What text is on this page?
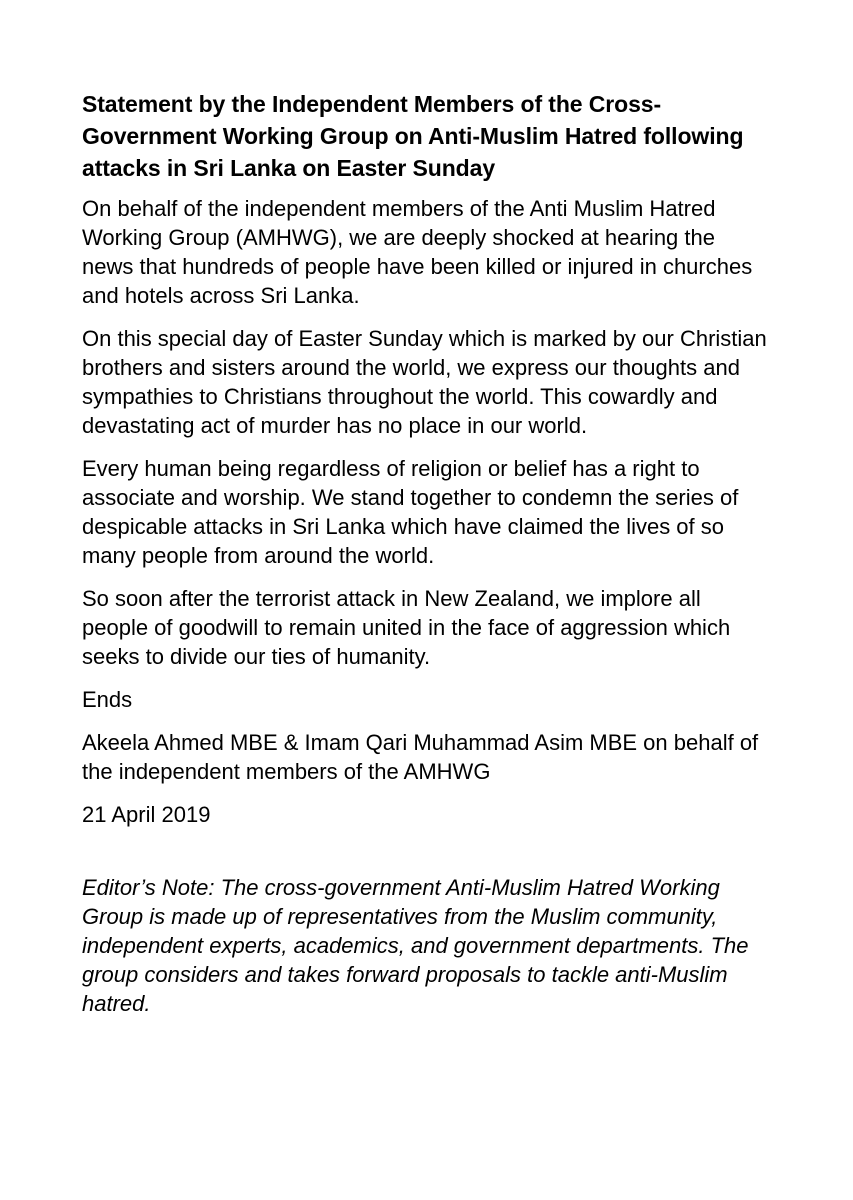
Statement by the Independent Members of the Cross-Government Working Group on Anti-Muslim Hatred following attacks in Sri Lanka on Easter Sunday

On behalf of the independent members of the Anti Muslim Hatred Working Group (AMHWG), we are deeply shocked at hearing the news that hundreds of people have been killed or injured in churches and hotels across Sri Lanka.

On this special day of Easter Sunday which is marked by our Christian brothers and sisters around the world, we express our thoughts and sympathies to Christians throughout the world. This cowardly and devastating act of murder has no place in our world.

Every human being regardless of religion or belief has a right to associate and worship. We stand together to condemn the series of despicable attacks in Sri Lanka which have claimed the lives of so many people from around the world.

So soon after the terrorist attack in New Zealand, we implore all people of goodwill to remain united in the face of aggression which seeks to divide our ties of humanity.

Ends

Akeela Ahmed MBE & Imam Qari Muhammad Asim MBE on behalf of the independent members of the AMHWG

21 April 2019

Editor’s Note: The cross-government Anti-Muslim Hatred Working Group is made up of representatives from the Muslim community, independent experts, academics, and government departments. The group considers and takes forward proposals to tackle anti-Muslim hatred.
